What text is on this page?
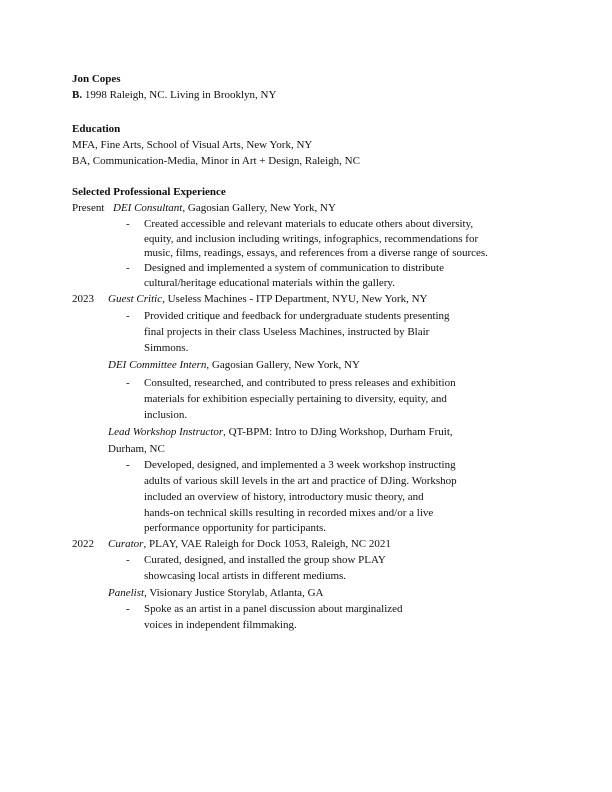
Jon Copes
B. 1998 Raleigh, NC. Living in Brooklyn, NY
Education
MFA, Fine Arts, School of Visual Arts, New York, NY
BA, Communication-Media, Minor in Art + Design, Raleigh, NC
Selected Professional Experience
Present DEI Consultant, Gagosian Gallery, New York, NY
- Created accessible and relevant materials to educate others about diversity,
equity, and inclusion including writings, infographics, recommendations for
music, films, readings, essays, and references from a diverse range of sources.
- Designed and implemented a system of communication to distribute
cultural/heritage educational materials within the gallery.
2023 Guest Critic, Useless Machines - ITP Department, NYU, New York, NY
- Provided critique and feedback for undergraduate students presenting
final projects in their class Useless Machines, instructed by Blair
Simmons.
DEI Committee Intern, Gagosian Gallery, New York, NY
- Consulted, researched, and contributed to press releases and exhibition
materials for exhibition especially pertaining to diversity, equity, and
inclusion.
Lead Workshop Instructor, QT-BPM: Intro to DJing Workshop, Durham Fruit,
Durham, NC
- Developed, designed, and implemented a 3 week workshop instructing
adults of various skill levels in the art and practice of DJing. Workshop
included an overview of history, introductory music theory, and
hands-on technical skills resulting in recorded mixes and/or a live
performance opportunity for participants.
2022 Curator, PLAY, VAE Raleigh for Dock 1053, Raleigh, NC 2021
- Curated, designed, and installed the group show PLAY
showcasing local artists in different mediums.
Panelist, Visionary Justice Storylab, Atlanta, GA
- Spoke as an artist in a panel discussion about marginalized
voices in independent filmmaking.
